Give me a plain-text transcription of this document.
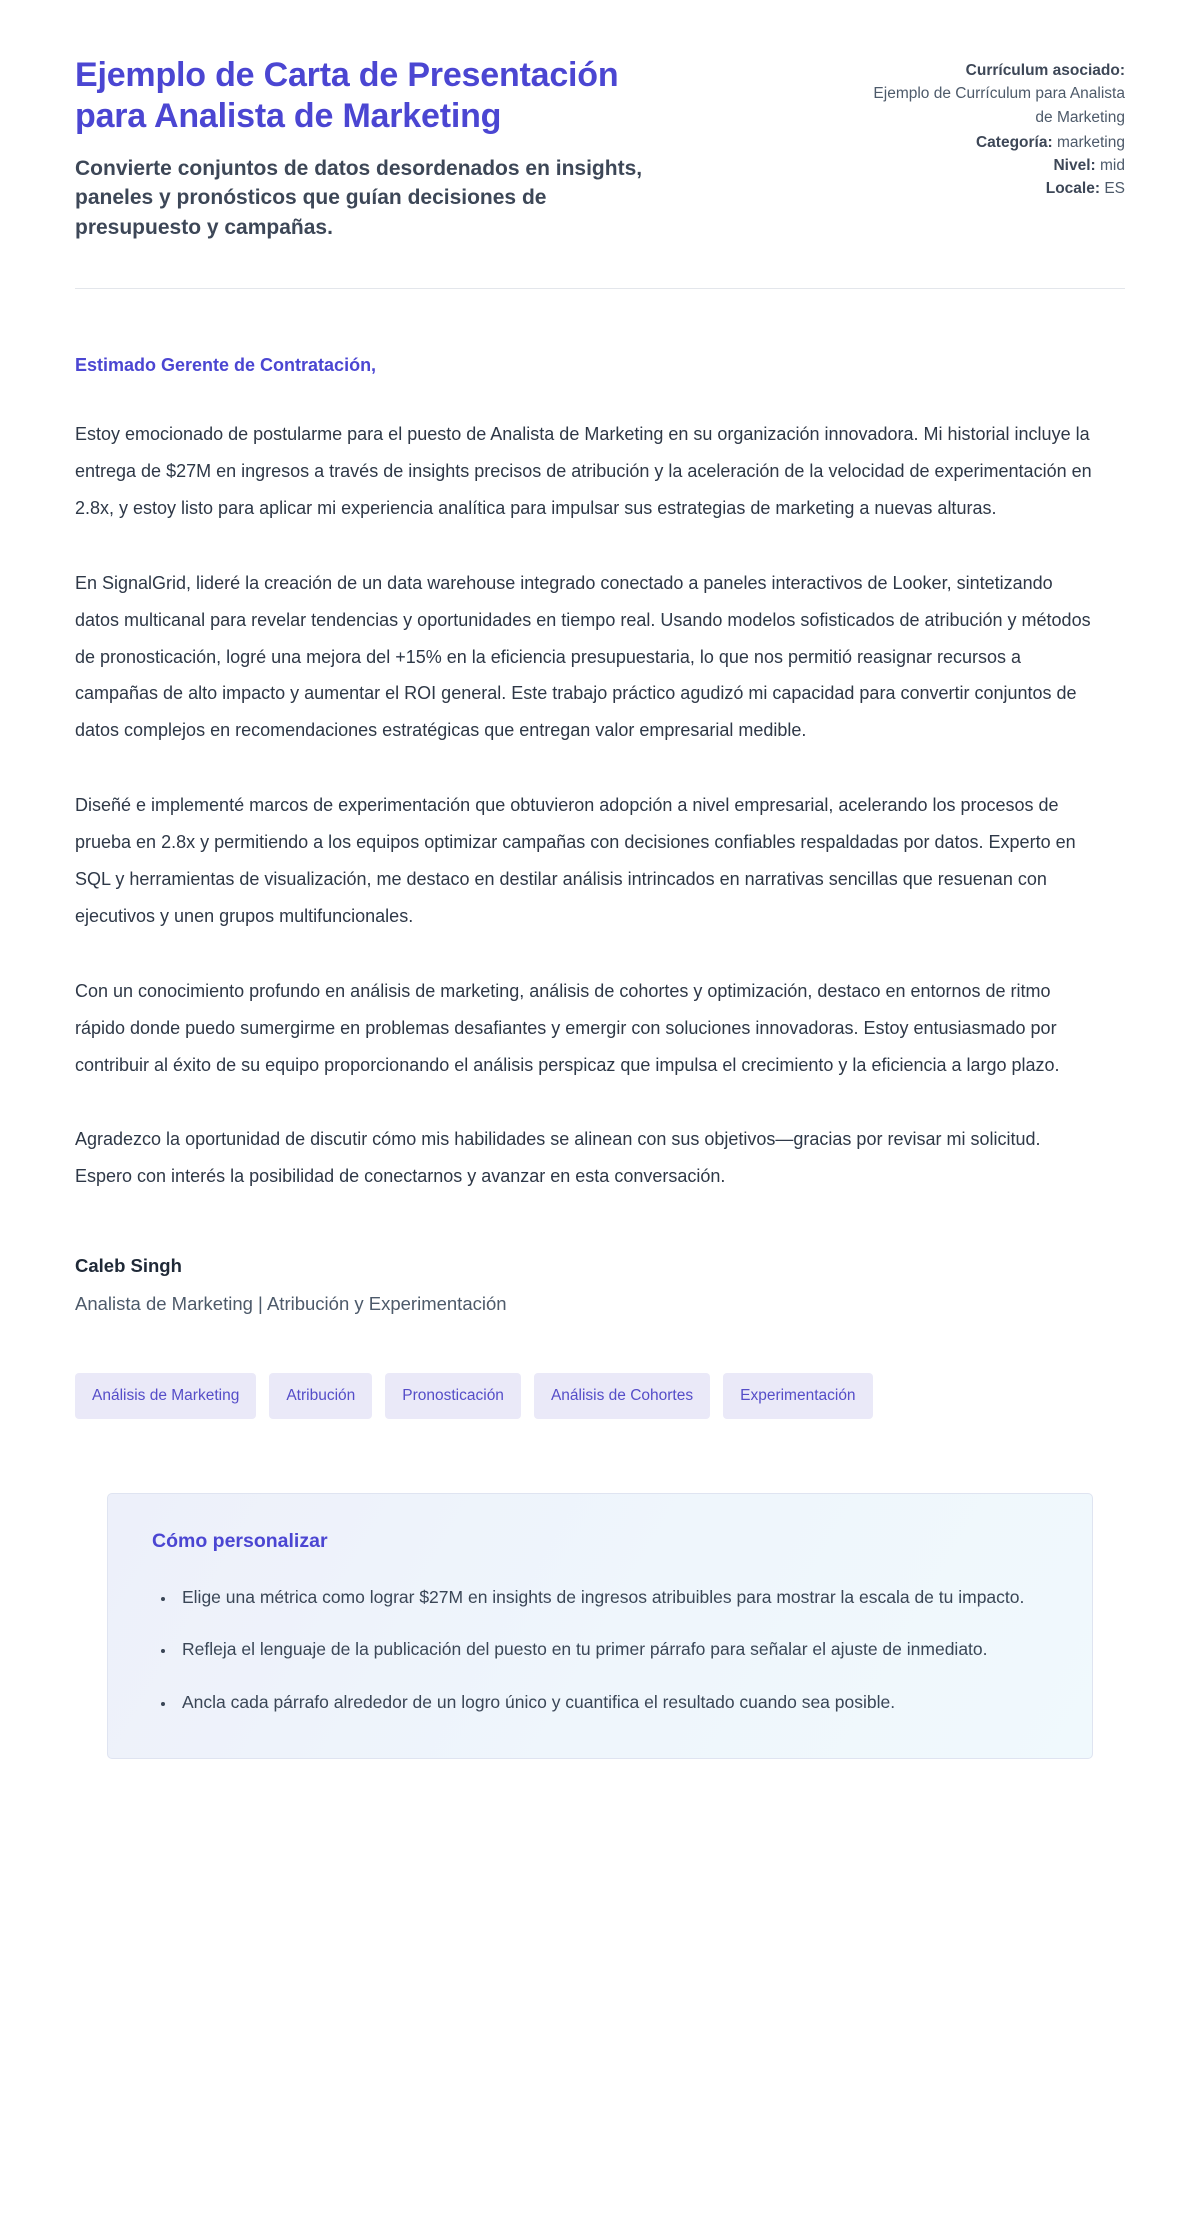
Ejemplo de Carta de Presentación para Analista de Marketing

Convierte conjuntos de datos desordenados en insights, paneles y pronósticos que guían decisiones de presupuesto y campañas.

Currículum asociado:
Ejemplo de Currículum para Analista de Marketing
Categoría: marketing
Nivel: mid
Locale: ES

Estimado Gerente de Contratación,

Estoy emocionado de postularme para el puesto de Analista de Marketing en su organización innovadora. Mi historial incluye la entrega de $27M en ingresos a través de insights precisos de atribución y la aceleración de la velocidad de experimentación en 2.8x, y estoy listo para aplicar mi experiencia analítica para impulsar sus estrategias de marketing a nuevas alturas.

En SignalGrid, lideré la creación de un data warehouse integrado conectado a paneles interactivos de Looker, sintetizando datos multicanal para revelar tendencias y oportunidades en tiempo real. Usando modelos sofisticados de atribución y métodos de pronosticación, logré una mejora del +15% en la eficiencia presupuestaria, lo que nos permitió reasignar recursos a campañas de alto impacto y aumentar el ROI general. Este trabajo práctico agudizó mi capacidad para convertir conjuntos de datos complejos en recomendaciones estratégicas que entregan valor empresarial medible.

Diseñé e implementé marcos de experimentación que obtuvieron adopción a nivel empresarial, acelerando los procesos de prueba en 2.8x y permitiendo a los equipos optimizar campañas con decisiones confiables respaldadas por datos. Experto en SQL y herramientas de visualización, me destaco en destilar análisis intrincados en narrativas sencillas que resuenan con ejecutivos y unen grupos multifuncionales.

Con un conocimiento profundo en análisis de marketing, análisis de cohortes y optimización, destaco en entornos de ritmo rápido donde puedo sumergirme en problemas desafiantes y emergir con soluciones innovadoras. Estoy entusiasmado por contribuir al éxito de su equipo proporcionando el análisis perspicaz que impulsa el crecimiento y la eficiencia a largo plazo.

Agradezco la oportunidad de discutir cómo mis habilidades se alinean con sus objetivos—gracias por revisar mi solicitud. Espero con interés la posibilidad de conectarnos y avanzar en esta conversación.

Caleb Singh

Analista de Marketing | Atribución y Experimentación

Análisis de Marketing	Atribución	Pronosticación	Análisis de Cohortes	Experimentación
Cómo personalizar
• Elige una métrica como lograr $27M en insights de ingresos atribuibles para mostrar la escala de tu impacto.
• Refleja el lenguaje de la publicación del puesto en tu primer párrafo para señalar el ajuste de inmediato.
• Ancla cada párrafo alrededor de un logro único y cuantifica el resultado cuando sea posible.
